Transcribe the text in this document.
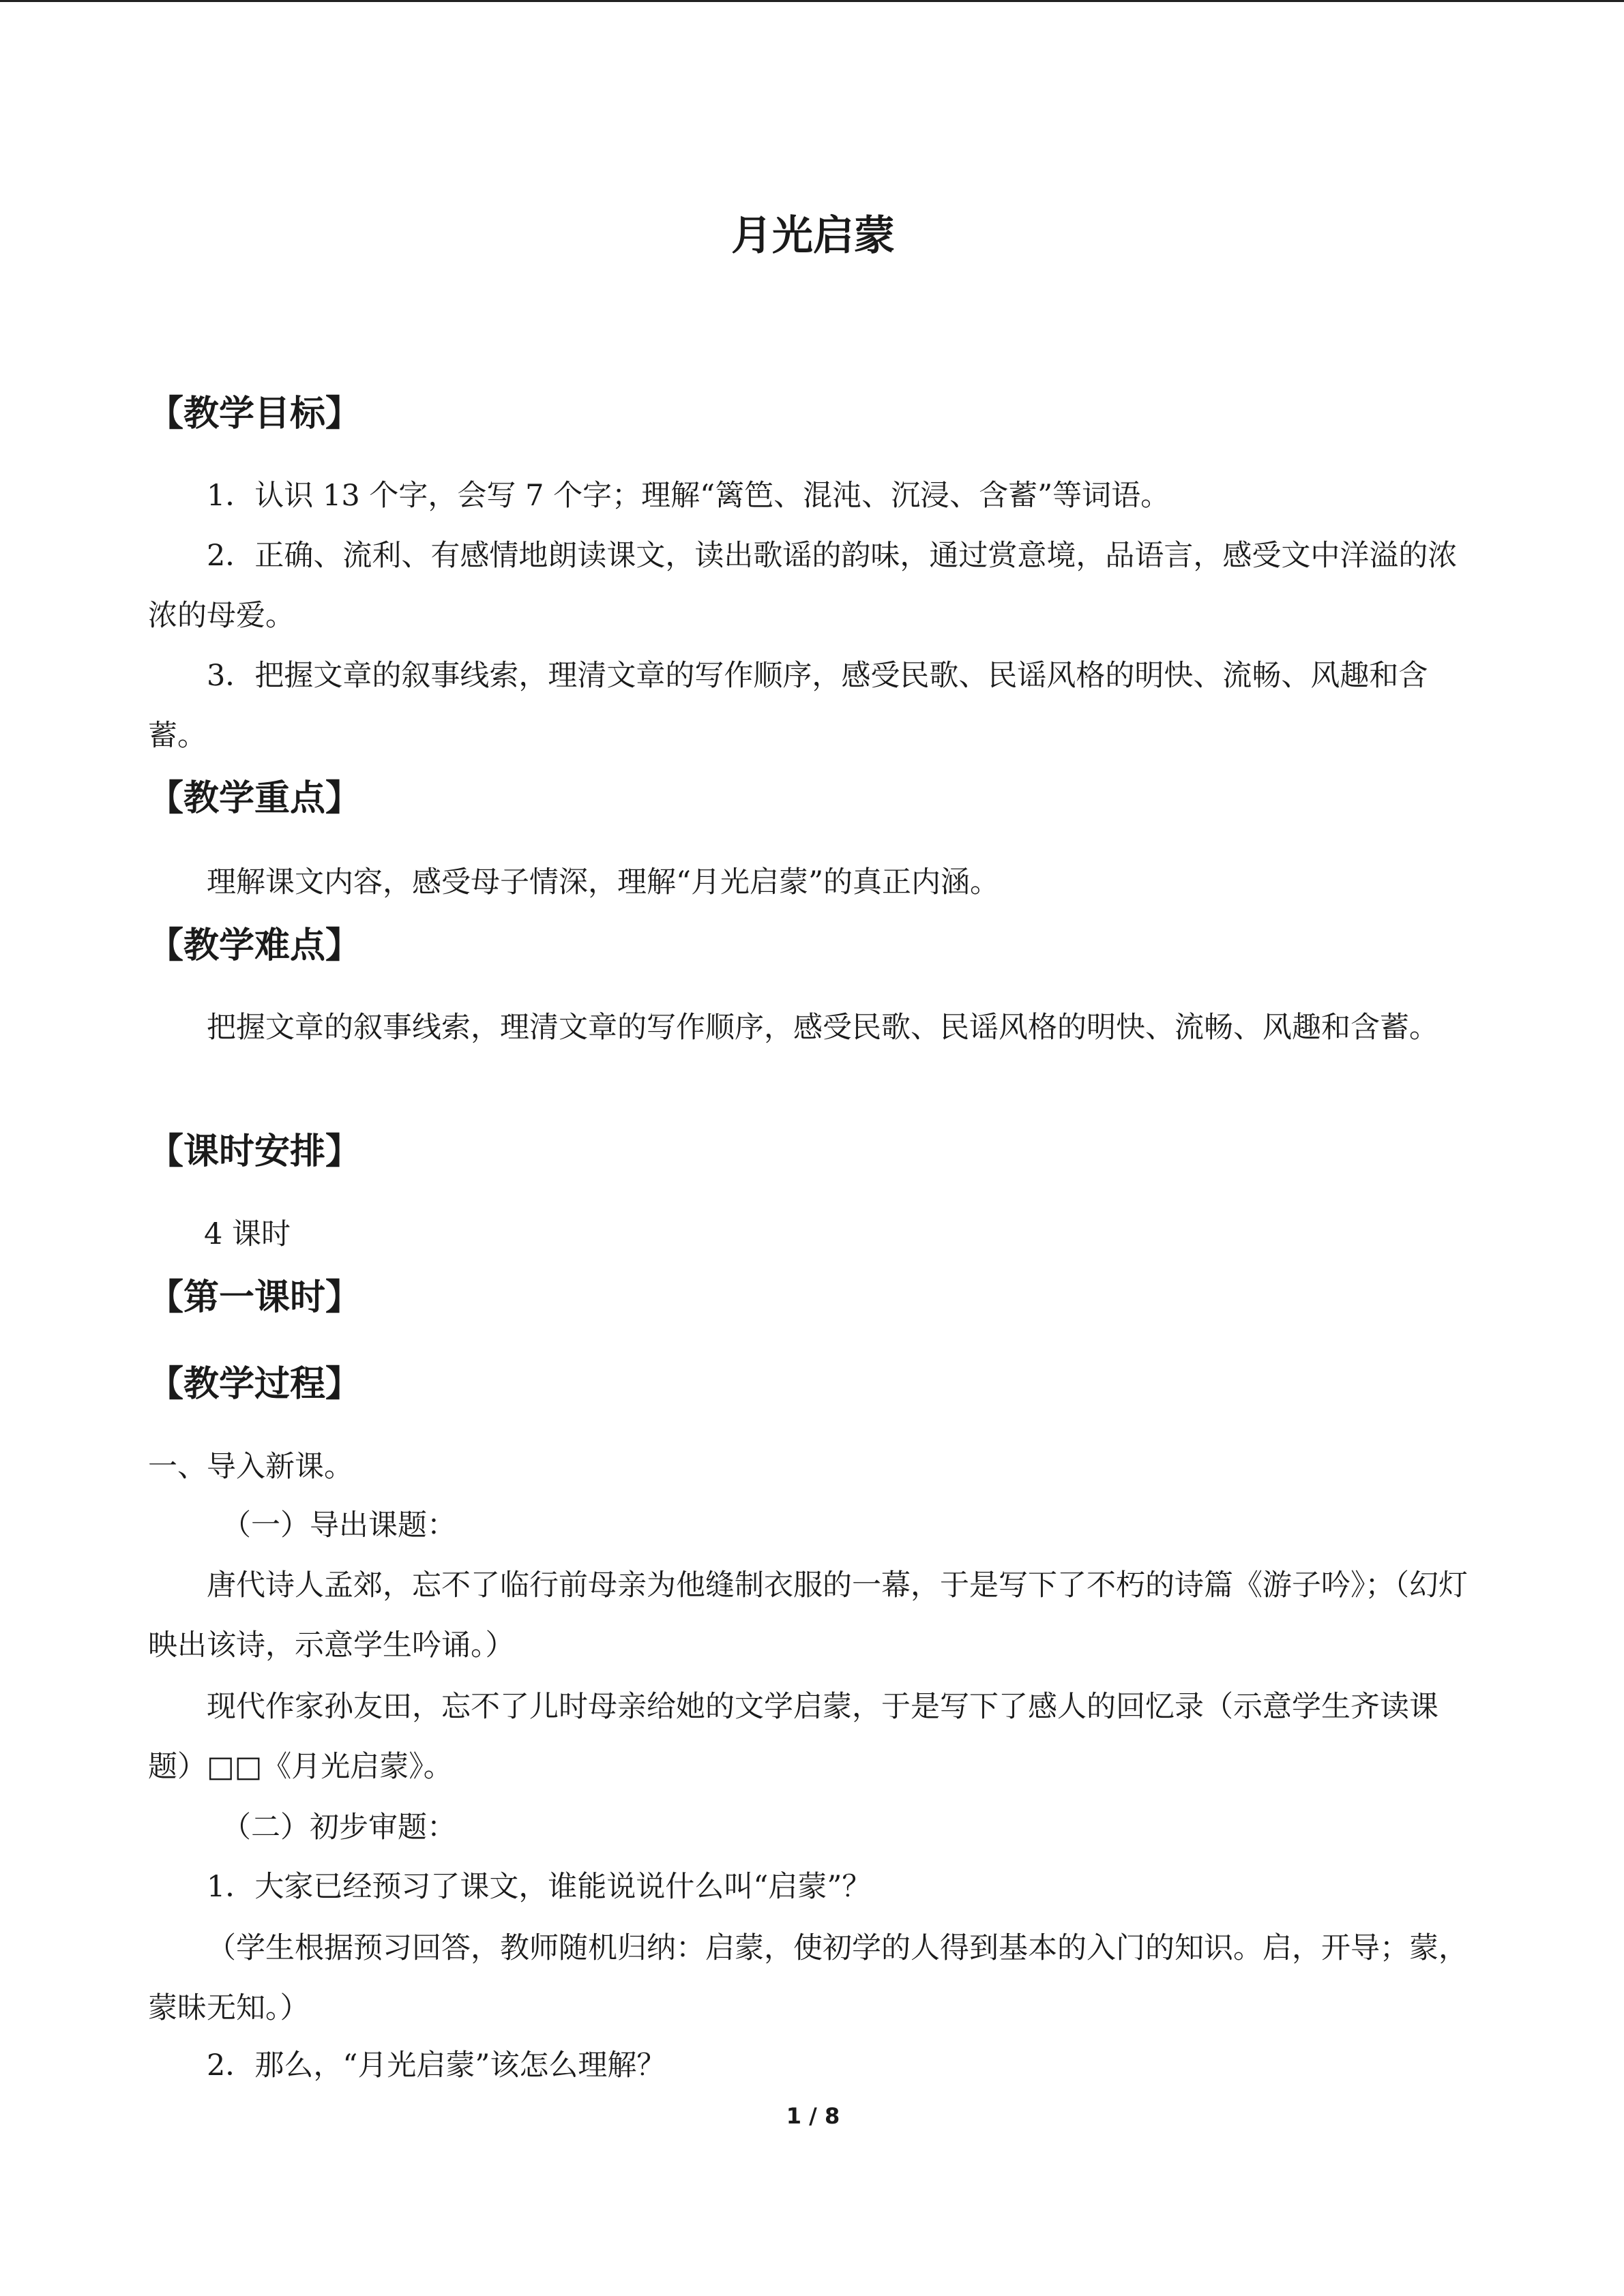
月光启蒙
【教学目标】
1．认识 13 个字，会写 7 个字；理解“篱笆、混沌、沉浸、含蓄”等词语。
2．正确、流利、有感情地朗读课文，读出歌谣的韵味，通过赏意境，品语言，感受文中洋溢的浓浓的母爱。
3．把握文章的叙事线索，理清文章的写作顺序，感受民歌、民谣风格的明快、流畅、风趣和含蓄。
【教学重点】
理解课文内容，感受母子情深，理解“月光启蒙”的真正内涵。
【教学难点】
把握文章的叙事线索，理清文章的写作顺序，感受民歌、民谣风格的明快、流畅、风趣和含蓄。
【课时安排】
4 课时
【第一课时】
【教学过程】
一、导入新课。
（一）导出课题：
唐代诗人孟郊，忘不了临行前母亲为他缝制衣服的一幕，于是写下了不朽的诗篇《游子吟》；（幻灯映出该诗，示意学生吟诵。）
现代作家孙友田，忘不了儿时母亲给她的文学启蒙，于是写下了感人的回忆录（示意学生齐读课题）□□《月光启蒙》。
（二）初步审题：
1．大家已经预习了课文，谁能说说什么叫“启蒙”？
（学生根据预习回答，教师随机归纳：启蒙，使初学的人得到基本的入门的知识。启，开导；蒙，蒙昧无知。）
2．那么，“月光启蒙”该怎么理解？
1 / 8
